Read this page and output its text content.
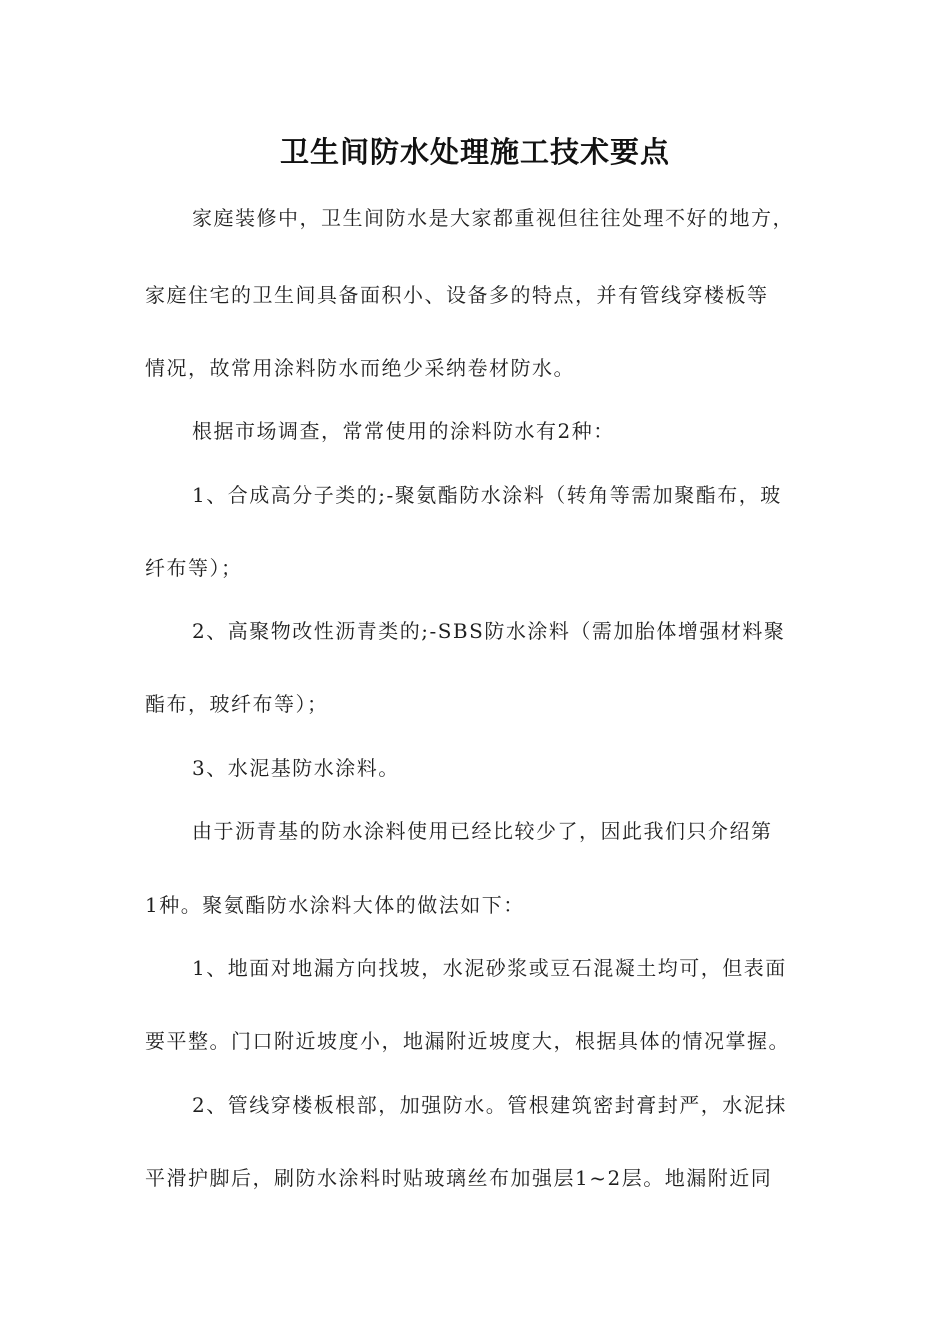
卫生间防水处理施工技术要点
家庭装修中，卫生间防水是大家都重视但往往处理不好的地方，
家庭住宅的卫生间具备面积小、设备多的特点，并有管线穿楼板等
情况，故常用涂料防水而绝少采纳卷材防水。
根据市场调查，常常使用的涂料防水有2种：
1、合成高分子类的;-聚氨酯防水涂料（转角等需加聚酯布，玻
纤布等）；
2、高聚物改性沥青类的;-SBS防水涂料（需加胎体增强材料聚
酯布，玻纤布等）；
3、水泥基防水涂料。
由于沥青基的防水涂料使用已经比较少了，因此我们只介绍第
1种。聚氨酯防水涂料大体的做法如下：
1、地面对地漏方向找坡，水泥砂浆或豆石混凝土均可，但表面
要平整。门口附近坡度小，地漏附近坡度大，根据具体的情况掌握。
2、管线穿楼板根部，加强防水。管根建筑密封膏封严，水泥抹
平滑护脚后，刷防水涂料时贴玻璃丝布加强层1~2层。地漏附近同
